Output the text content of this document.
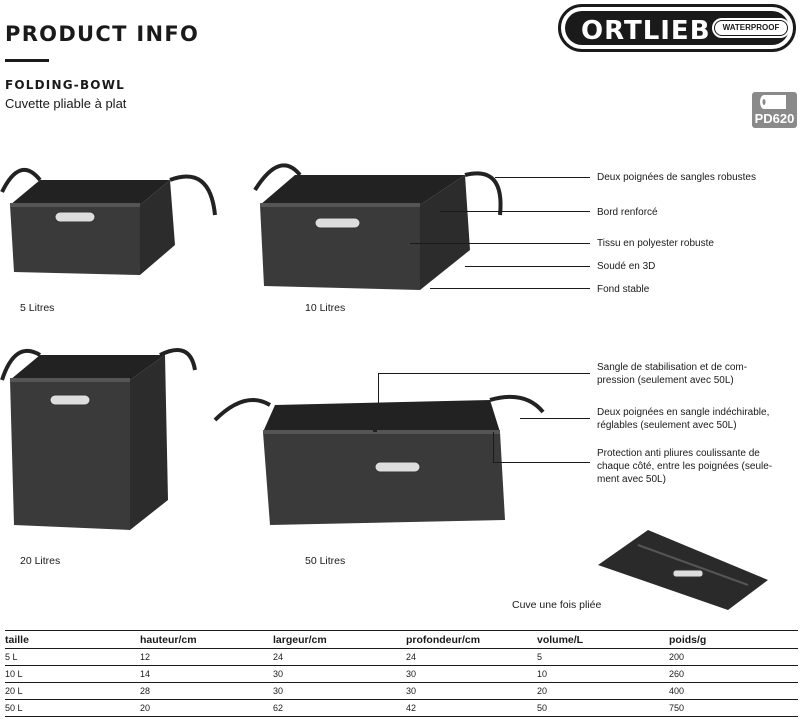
PRODUCT INFO
FOLDING-BOWL
Cuvette pliable à plat
ORTLIEB	WATERPROOF
PD620
5 Litres	10 Litres
20 Litres	50 Litres
Cuve une fois pliée
Deux poignées de sangles robustes
Bord renforcé
Tissu en polyester robuste
Soudé en 3D
Fond stable
Sangle de stabilisation et de com-
pression (seulement avec 50L)
Deux poignées en sangle indéchirable,
réglables (seulement avec 50L)
Protection anti pliures coulissante de
chaque côté, entre les poignées (seule-
ment avec 50L)
taille	hauteur/cm	largeur/cm	profondeur/cm	volume/L	poids/g
5 L	12	24	24	5	200
10 L	14	30	30	10	260
20 L	28	30	30	20	400
50 L	20	62	42	50	750
